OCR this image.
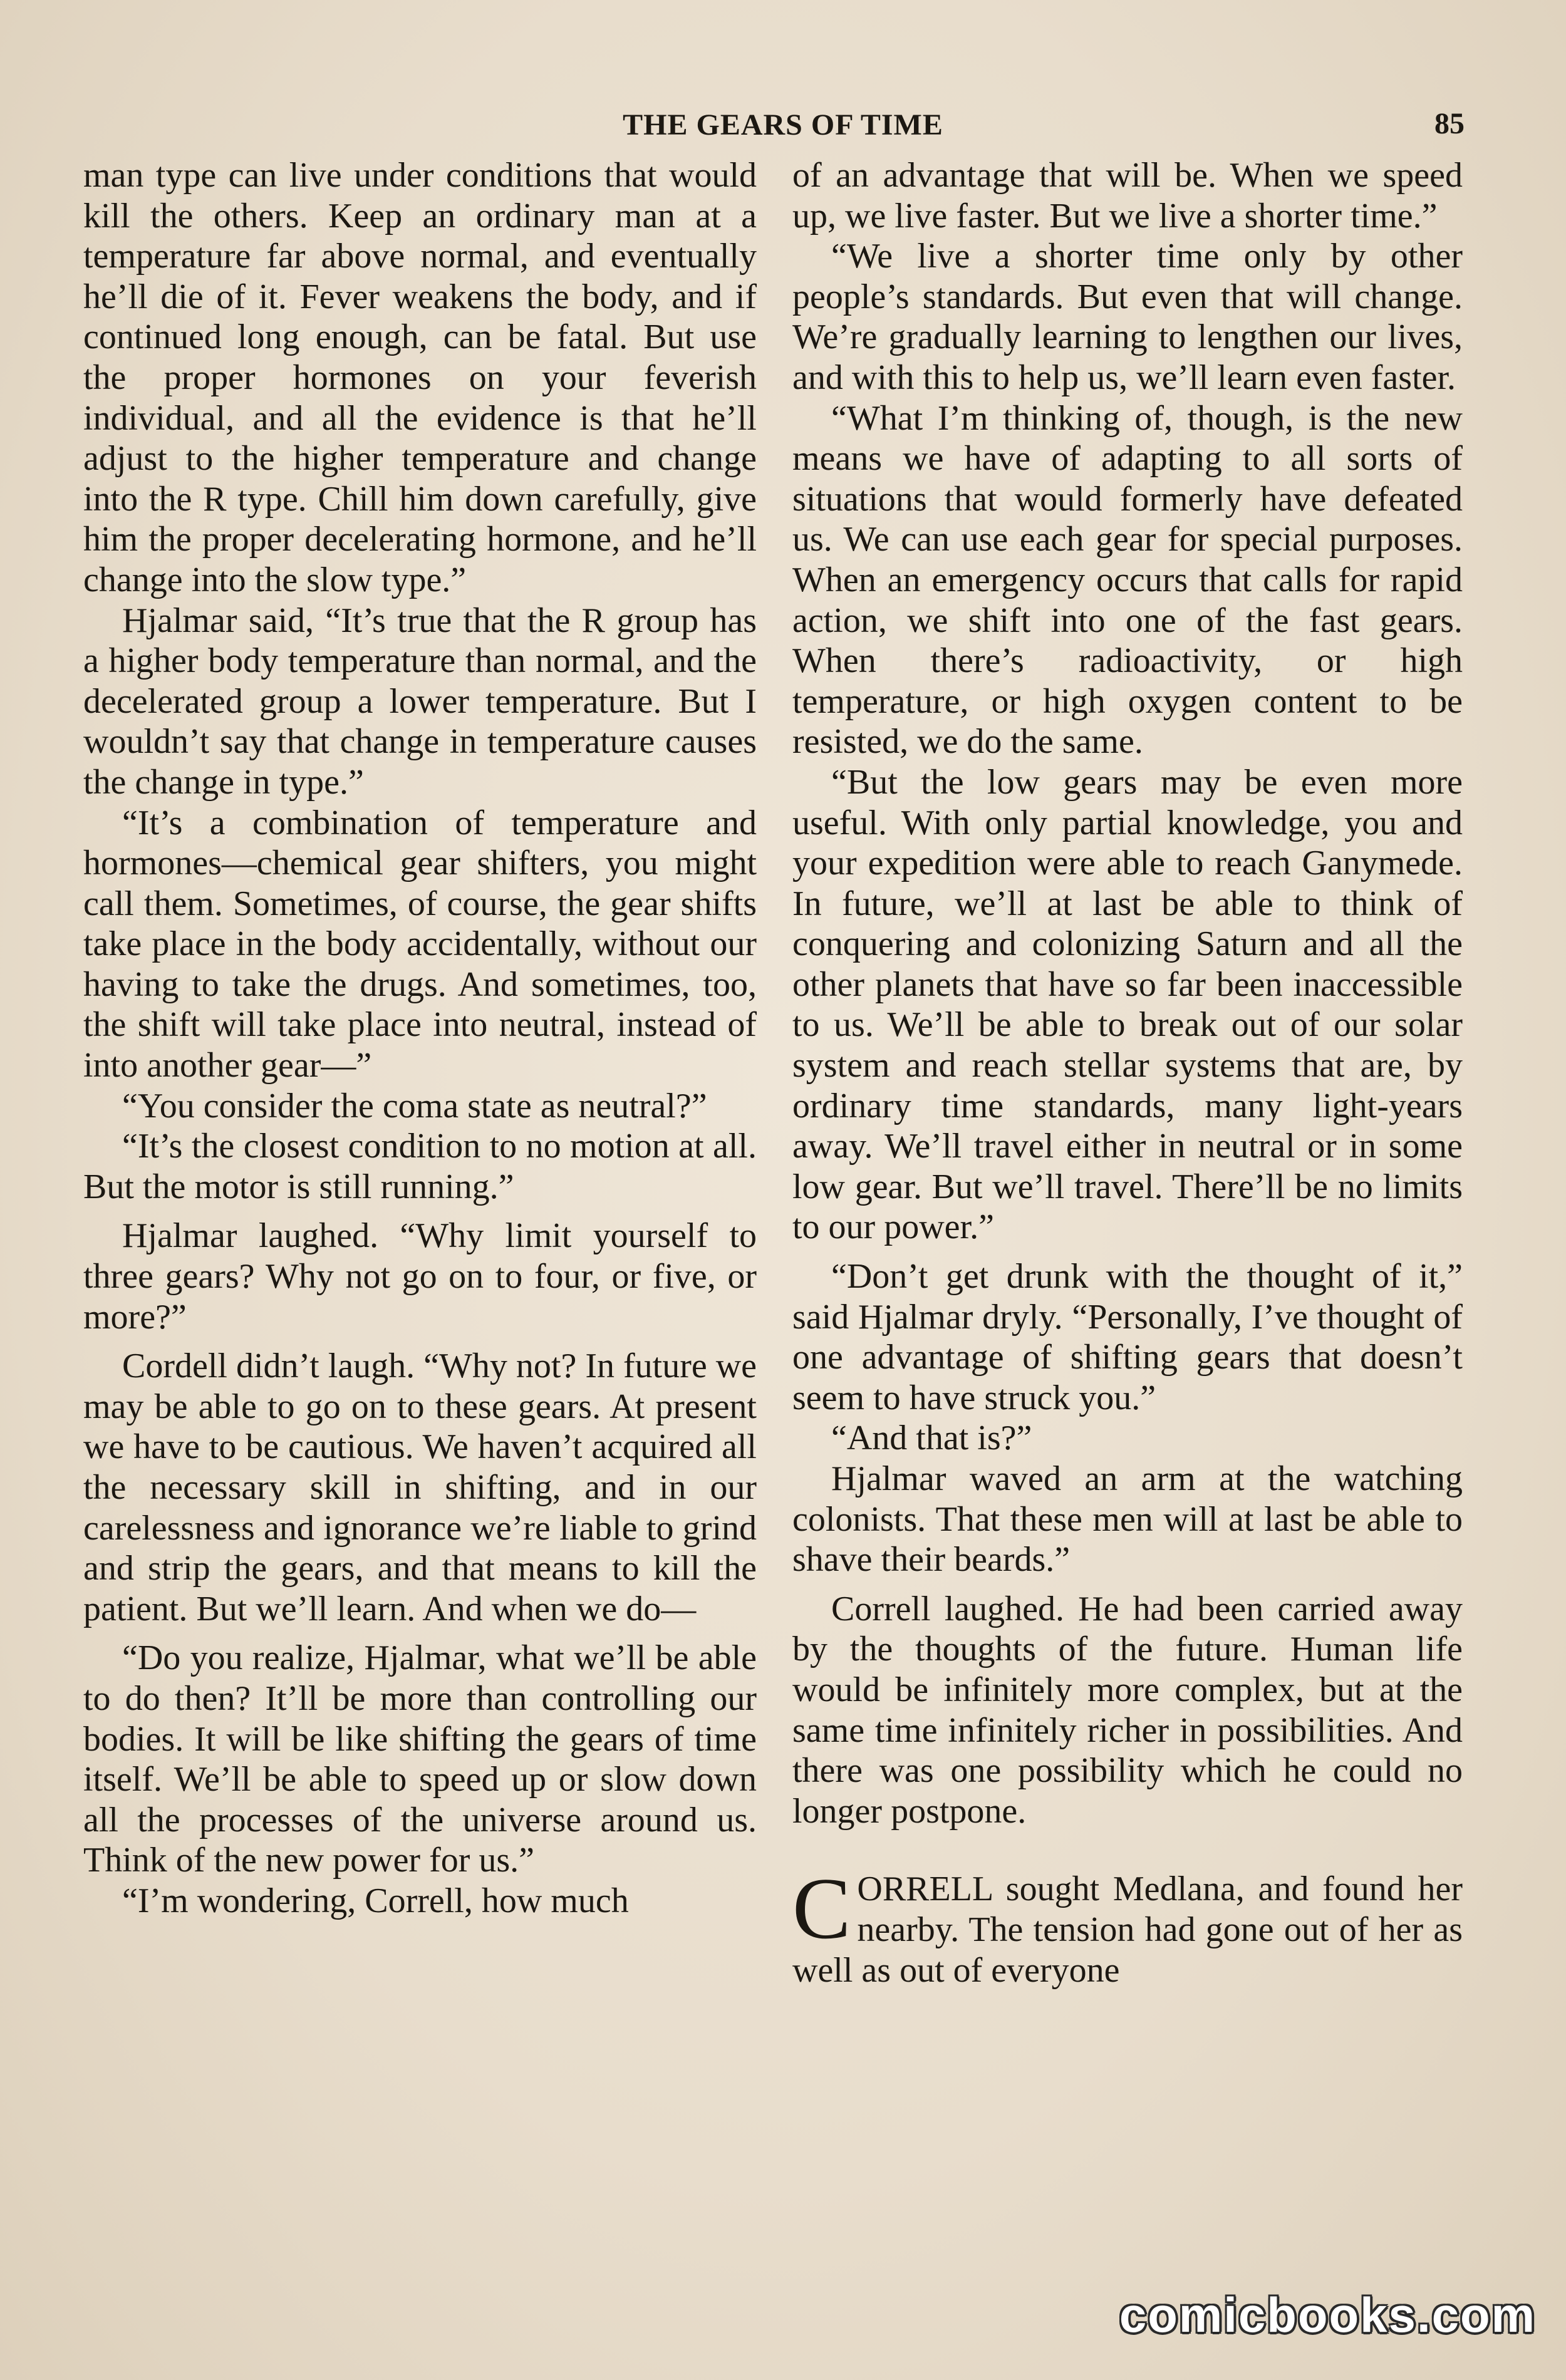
THE GEARS OF TIME	85

man type can live under conditions that would kill the others. Keep an ordinary man at a temperature far above normal, and eventually he’ll die of it. Fever weakens the body, and if continued long enough, can be fatal. But use the proper hormones on your feverish individual, and all the evidence is that he’ll adjust to the higher temperature and change into the R type. Chill him down carefully, give him the proper decelerating hormone, and he’ll change into the slow type.”

Hjalmar said, “It’s true that the R group has a higher body temperature than normal, and the decelerated group a lower temperature. But I wouldn’t say that change in temperature causes the change in type.”

“It’s a combination of temperature and hormones—chemical gear shifters, you might call them. Sometimes, of course, the gear shifts take place in the body accidentally, without our having to take the drugs. And sometimes, too, the shift will take place into neutral, instead of into another gear—”

“You consider the coma state as neutral?”

“It’s the closest condition to no motion at all. But the motor is still running.”

Hjalmar laughed. “Why limit yourself to three gears? Why not go on to four, or five, or more?”

Cordell didn’t laugh. “Why not? In future we may be able to go on to these gears. At present we have to be cautious. We haven’t acquired all the necessary skill in shifting, and in our carelessness and ignorance we’re liable to grind and strip the gears, and that means to kill the patient. But we’ll learn. And when we do—

“Do you realize, Hjalmar, what we’ll be able to do then? It’ll be more than controlling our bodies. It will be like shifting the gears of time itself. We’ll be able to speed up or slow down all the processes of the universe around us. Think of the new power for us.”

“I’m wondering, Correll, how much

of an advantage that will be. When we speed up, we live faster. But we live a shorter time.”

“We live a shorter time only by other people’s standards. But even that will change. We’re gradually learning to lengthen our lives, and with this to help us, we’ll learn even faster.

“What I’m thinking of, though, is the new means we have of adapting to all sorts of situations that would formerly have defeated us. We can use each gear for special purposes. When an emergency occurs that calls for rapid action, we shift into one of the fast gears. When there’s radioactivity, or high temperature, or high oxygen content to be resisted, we do the same.

“But the low gears may be even more useful. With only partial knowledge, you and your expedition were able to reach Ganymede. In future, we’ll at last be able to think of conquering and colonizing Saturn and all the other planets that have so far been inaccessible to us. We’ll be able to break out of our solar system and reach stellar systems that are, by ordinary time standards, many light-years away. We’ll travel either in neutral or in some low gear. But we’ll travel. There’ll be no limits to our power.”

“Don’t get drunk with the thought of it,” said Hjalmar dryly. “Personally, I’ve thought of one advantage of shifting gears that doesn’t seem to have struck you.”

“And that is?”

Hjalmar waved an arm at the watching colonists. That these men will at last be able to shave their beards.”

Correll laughed. He had been carried away by the thoughts of the future. Human life would be infinitely more complex, but at the same time infinitely richer in possibilities. And there was one possibility which he could no longer postpone.

CORRELL sought Medlana, and found her nearby. The tension had gone out of her as well as out of everyone

comicbooks.com
